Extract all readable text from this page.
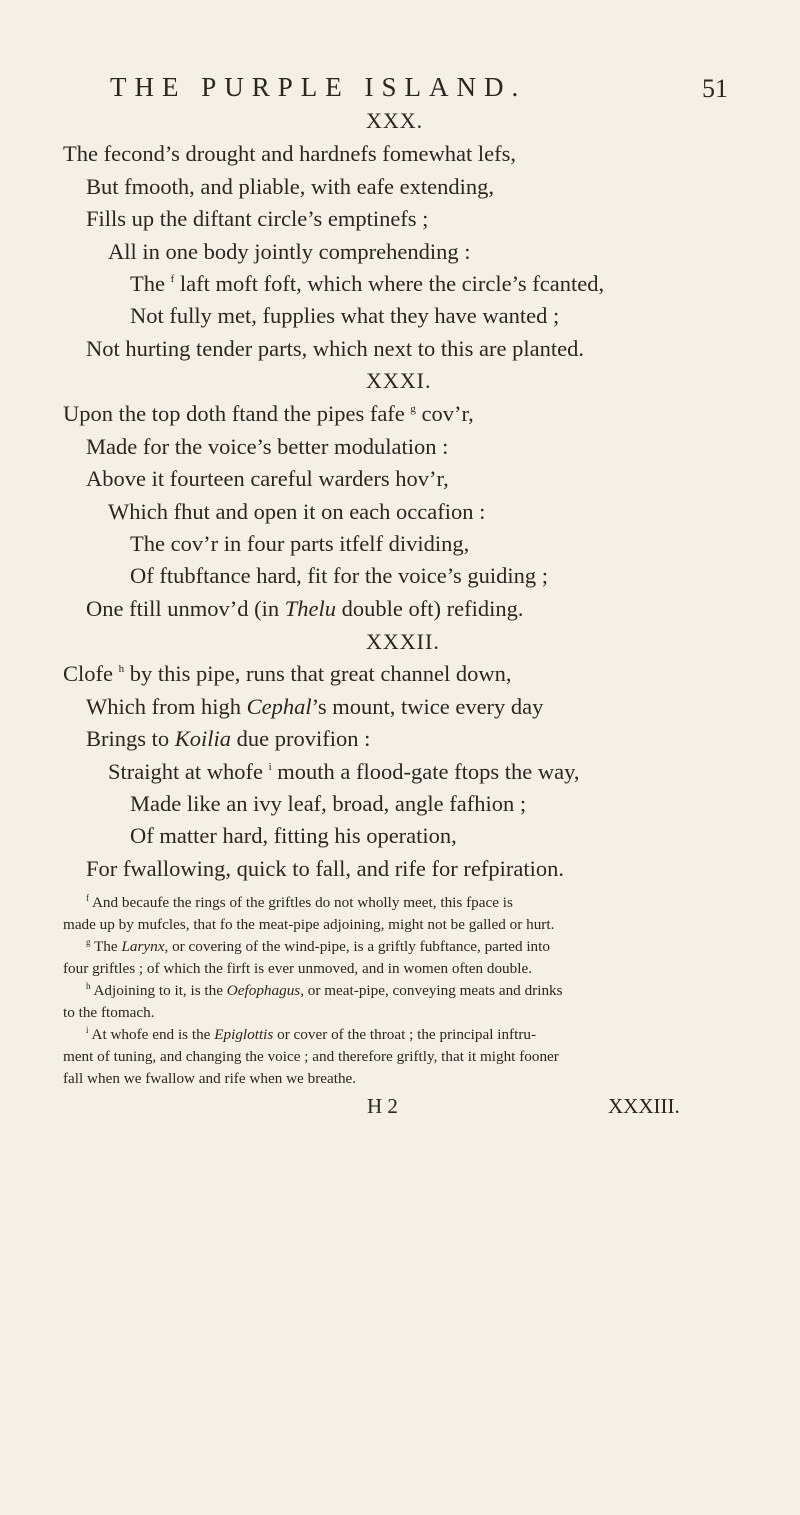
THE PURPLE ISLAND.	51
XXX.
The fecond’s drought and hardnefs fomewhat lefs,
But fmooth, and pliable, with eafe extending,
Fills up the diftant circle’s emptinefs ;
All in one body jointly comprehending :
The $^f$ laft moft foft, which where the circle’s fcanted,
Not fully met, fupplies what they have wanted ;
Not hurting tender parts, which next to this are planted.
XXXI.
Upon the top doth ftand the pipes fafe $^g$ cov’r,
Made for the voice’s better modulation :
Above it fourteen careful warders hov’r,
Which fhut and open it on each occafion :
The cov’r in four parts itfelf dividing,
Of ftubftance hard, fit for the voice’s guiding ;
One ftill unmov’d (in Thelu double oft) refiding.
XXXII.
Clofe $^h$ by this pipe, runs that great channel down,
Which from high Cephal’s mount, twice every day
Brings to Koilia due provifion :
Straight at whofe $^i$ mouth a flood-gate ftops the way,
Made like an ivy leaf, broad, angle fafhion ;
Of matter hard, fitting his operation,
For fwallowing, quick to fall, and rife for refpiration.
$^f$ And becaufe the rings of the griftles do not wholly meet, this fpace is
made up by mufcles, that fo the meat-pipe adjoining, might not be galled or hurt.
$^g$ The Larynx, or covering of the wind-pipe, is a griftly fubftance, parted into
four griftles ; of which the firft is ever unmoved, and in women often double.
$^h$ Adjoining to it, is the Oefophagus, or meat-pipe, conveying meats and drinks
to the ftomach.
$^i$ At whofe end is the Epiglottis or cover of the throat ; the principal inftru-
ment of tuning, and changing the voice ; and therefore griftly, that it might fooner
fall when we fwallow and rife when we breathe.
H 2	XXXIII.
